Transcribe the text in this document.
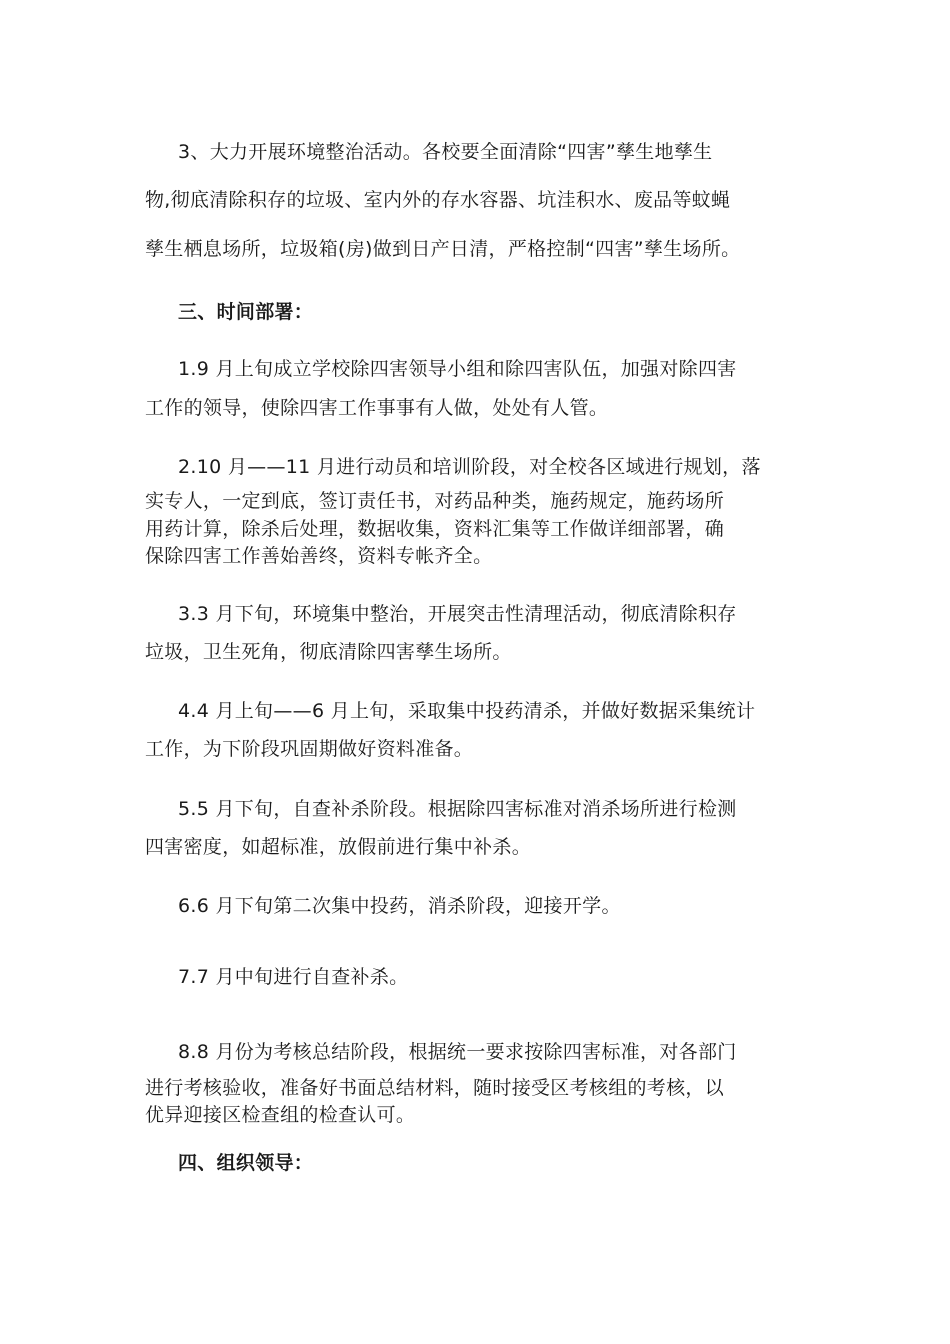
3、大力开展环境整治活动。各校要全面清除“四害”孳生地孳生
物,彻底清除积存的垃圾、室内外的存水容器、坑洼积水、废品等蚊蝇
孳生栖息场所，垃圾箱(房)做到日产日清，严格控制“四害”孳生场所。
三、时间部署：
1.9 月上旬成立学校除四害领导小组和除四害队伍，加强对除四害
工作的领导，使除四害工作事事有人做，处处有人管。
2.10 月——11 月进行动员和培训阶段，对全校各区域进行规划，落
实专人，一定到底，签订责任书，对药品种类，施药规定，施药场所
用药计算，除杀后处理，数据收集，资料汇集等工作做详细部署，确
保除四害工作善始善终，资料专帐齐全。
3.3 月下旬，环境集中整治，开展突击性清理活动，彻底清除积存
垃圾，卫生死角，彻底清除四害孳生场所。
4.4 月上旬——6 月上旬，采取集中投药清杀，并做好数据采集统计
工作，为下阶段巩固期做好资料准备。
5.5 月下旬，自查补杀阶段。根据除四害标准对消杀场所进行检测
四害密度，如超标准，放假前进行集中补杀。
6.6 月下旬第二次集中投药，消杀阶段，迎接开学。
7.7 月中旬进行自查补杀。
8.8 月份为考核总结阶段，根据统一要求按除四害标准，对各部门
进行考核验收，准备好书面总结材料，随时接受区考核组的考核，以
优异迎接区检查组的检查认可。
四、组织领导：
